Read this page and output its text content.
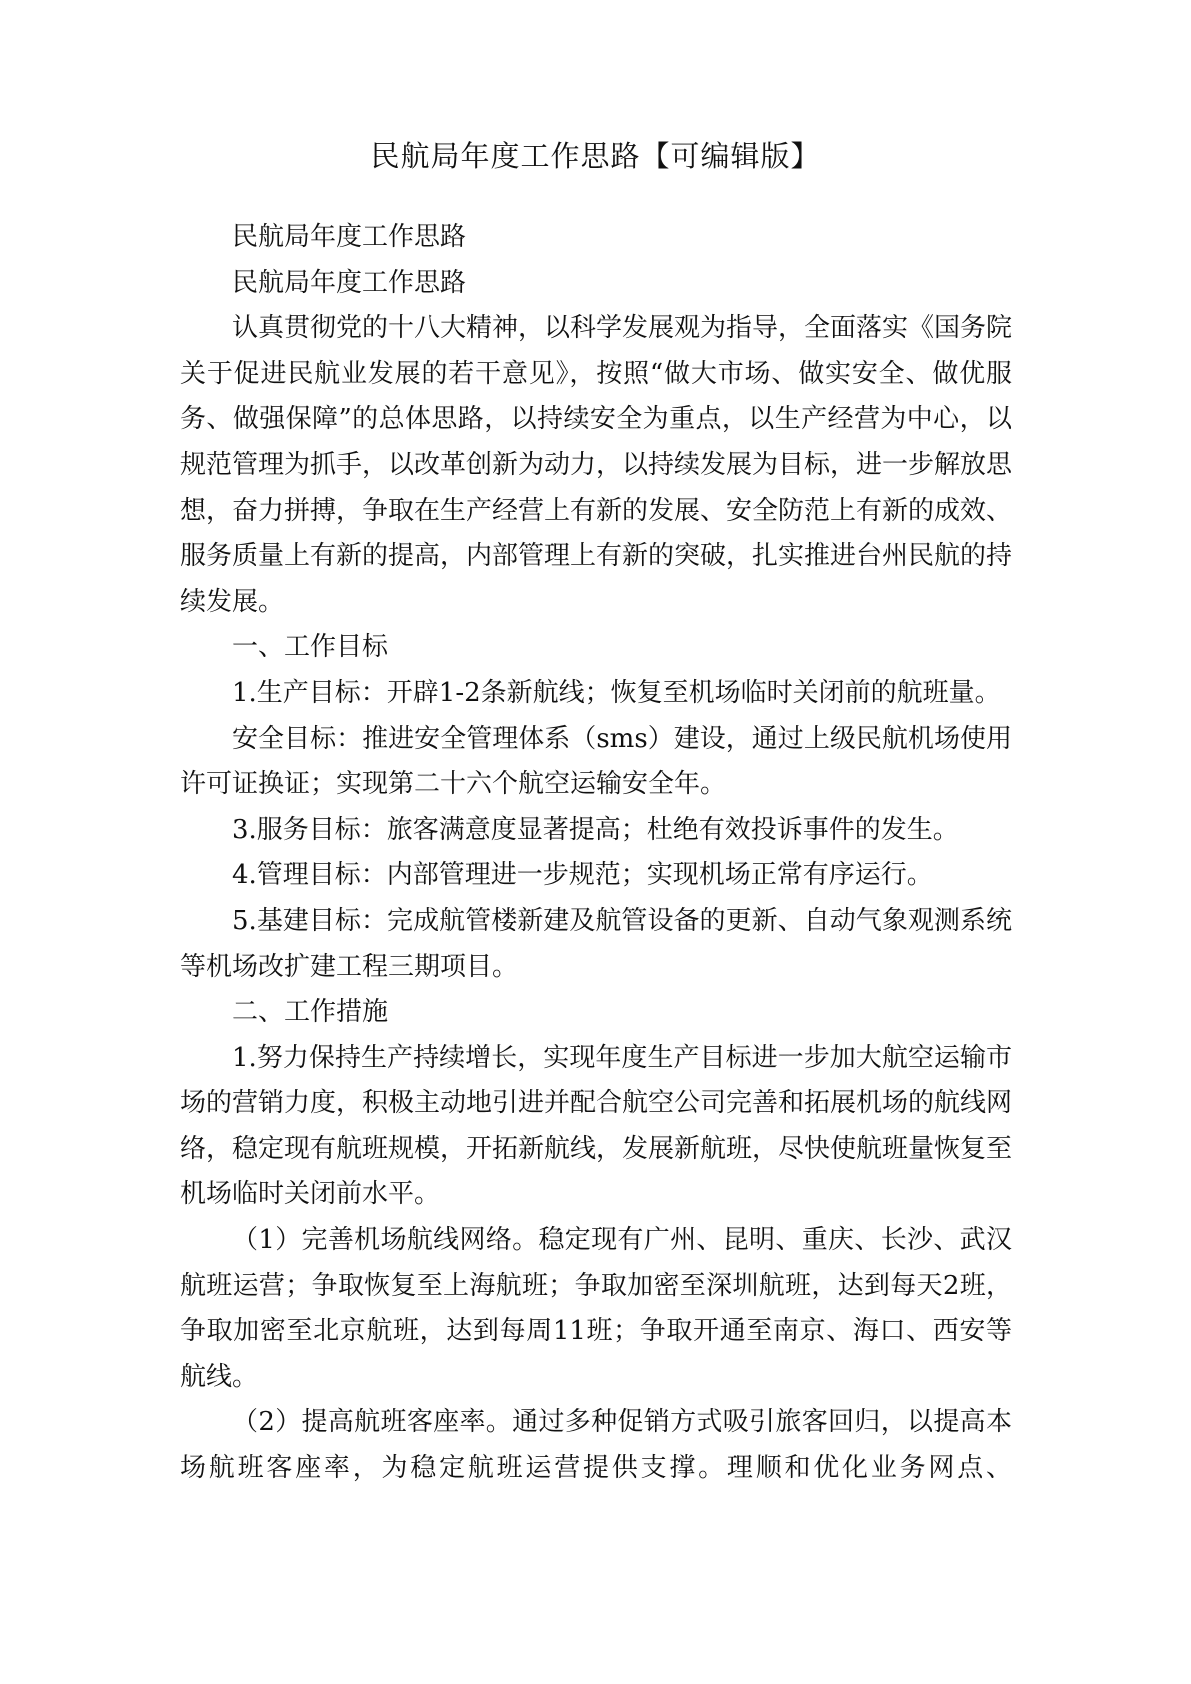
民航局年度工作思路【可编辑版】

民航局年度工作思路

民航局年度工作思路

认真贯彻党的十八大精神，以科学发展观为指导，全面落实《国务院关于促进民航业发展的若干意见》，按照“做大市场、做实安全、做优服务、做强保障”的总体思路，以持续安全为重点，以生产经营为中心，以规范管理为抓手，以改革创新为动力，以持续发展为目标，进一步解放思想，奋力拼搏，争取在生产经营上有新的发展、安全防范上有新的成效、服务质量上有新的提高，内部管理上有新的突破，扎实推进台州民航的持续发展。

一、工作目标

1.生产目标：开辟1-2条新航线；恢复至机场临时关闭前的航班量。

安全目标：推进安全管理体系（sms）建设，通过上级民航机场使用许可证换证；实现第二十六个航空运输安全年。

3.服务目标：旅客满意度显著提高；杜绝有效投诉事件的发生。

4.管理目标：内部管理进一步规范；实现机场正常有序运行。

5.基建目标：完成航管楼新建及航管设备的更新、自动气象观测系统等机场改扩建工程三期项目。

二、工作措施

1.努力保持生产持续增长，实现年度生产目标进一步加大航空运输市场的营销力度，积极主动地引进并配合航空公司完善和拓展机场的航线网络，稳定现有航班规模，开拓新航线，发展新航班，尽快使航班量恢复至机场临时关闭前水平。

（1）完善机场航线网络。稳定现有广州、昆明、重庆、长沙、武汉航班运营；争取恢复至上海航班；争取加密至深圳航班，达到每天2班，争取加密至北京航班，达到每周11班；争取开通至南京、海口、西安等航线。

（2）提高航班客座率。通过多种促销方式吸引旅客回归，以提高本场航班客座率，为稳定航班运营提供支撑。理顺和优化业务网点、
